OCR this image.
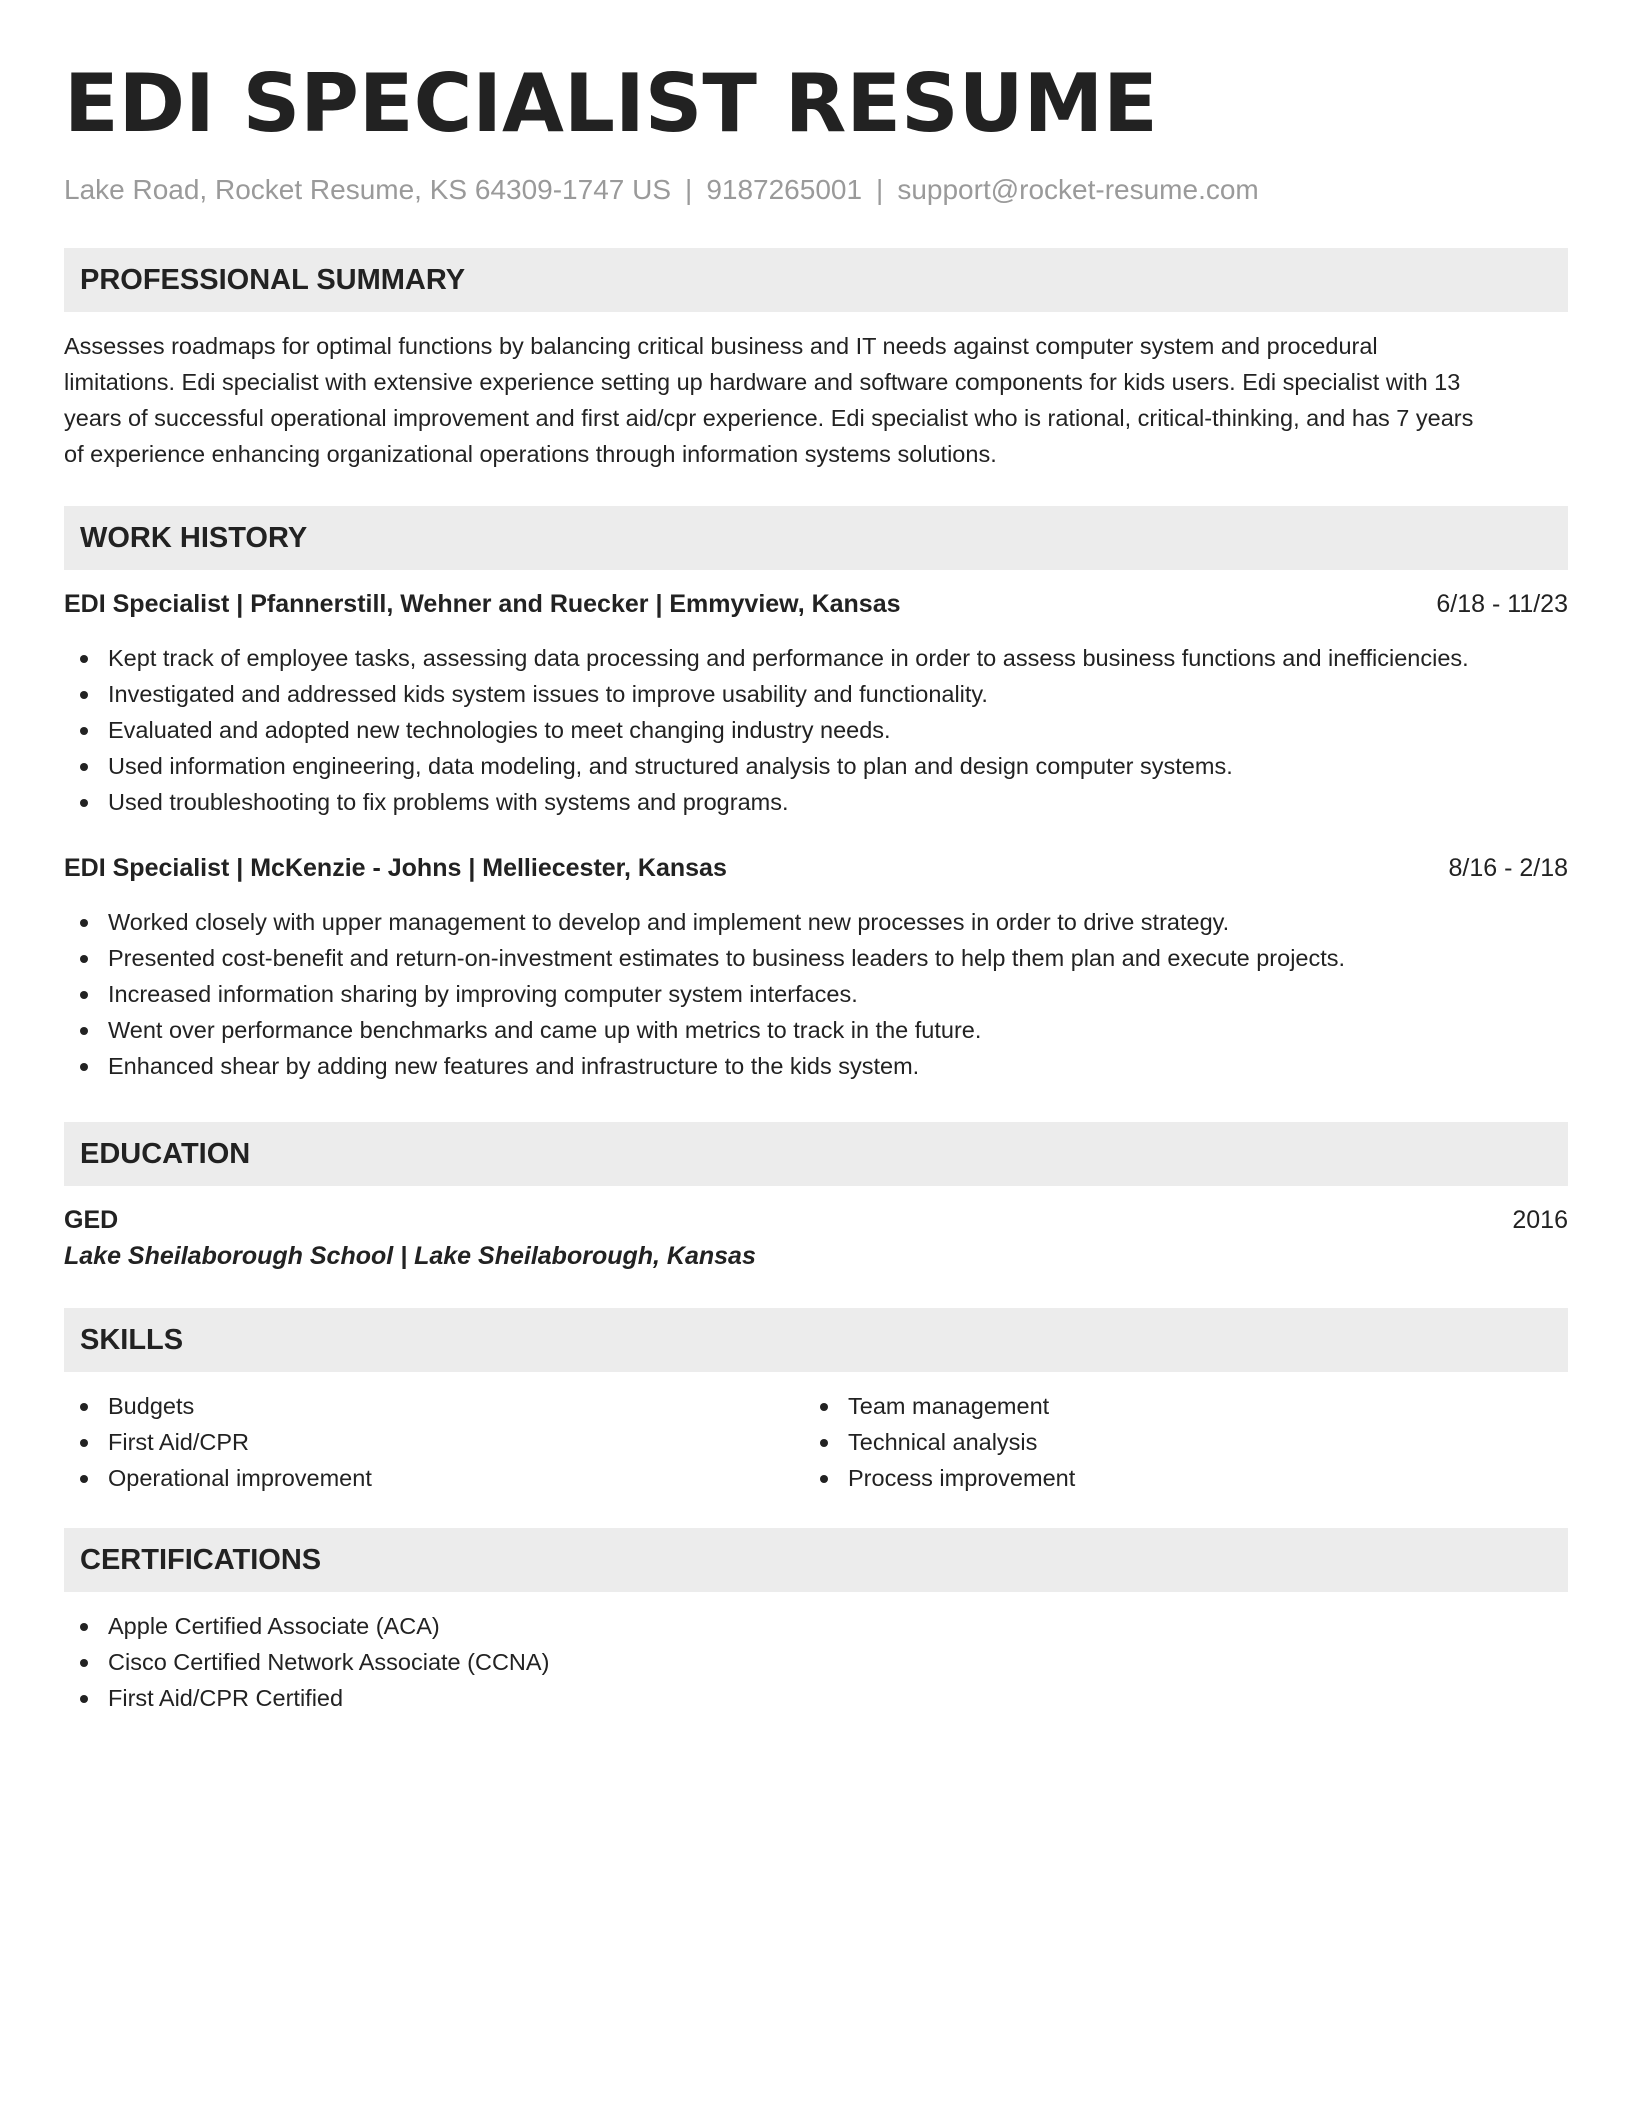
EDI SPECIALIST RESUME
Lake Road, Rocket Resume, KS 64309-1747 US | 9187265001 | support@rocket-resume.com
PROFESSIONAL SUMMARY
Assesses roadmaps for optimal functions by balancing critical business and IT needs against computer system and procedural
limitations. Edi specialist with extensive experience setting up hardware and software components for kids users. Edi specialist with 13
years of successful operational improvement and first aid/cpr experience. Edi specialist who is rational, critical-thinking, and has 7 years
of experience enhancing organizational operations through information systems solutions.
WORK HISTORY
EDI Specialist | Pfannerstill, Wehner and Ruecker | Emmyview, Kansas	6/18 - 11/23
Kept track of employee tasks, assessing data processing and performance in order to assess business functions and inefficiencies.
Investigated and addressed kids system issues to improve usability and functionality.
Evaluated and adopted new technologies to meet changing industry needs.
Used information engineering, data modeling, and structured analysis to plan and design computer systems.
Used troubleshooting to fix problems with systems and programs.
EDI Specialist | McKenzie - Johns | Melliecester, Kansas	8/16 - 2/18
Worked closely with upper management to develop and implement new processes in order to drive strategy.
Presented cost-benefit and return-on-investment estimates to business leaders to help them plan and execute projects.
Increased information sharing by improving computer system interfaces.
Went over performance benchmarks and came up with metrics to track in the future.
Enhanced shear by adding new features and infrastructure to the kids system.
EDUCATION
GED	2016
Lake Sheilaborough School | Lake Sheilaborough, Kansas
SKILLS
Budgets
First Aid/CPR
Operational improvement
Team management
Technical analysis
Process improvement
CERTIFICATIONS
Apple Certified Associate (ACA)
Cisco Certified Network Associate (CCNA)
First Aid/CPR Certified
